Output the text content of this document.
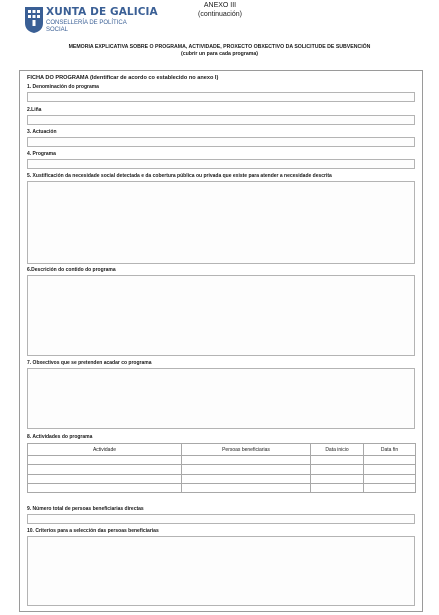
XUNTA DE GALICIA
CONSELLERÍA DE POLÍTICA
SOCIAL
ANEXO III
(continuación)
MEMORIA EXPLICATIVA SOBRE O PROGRAMA, ACTIVIDADE, PROXECTO OBXECTIVO DA SOLICITUDE DE SUBVENCIÓN
(cubrir un para cada programa)
FICHA DO PROGRAMA (Identificar de acordo co establecido no anexo I)
1. Denominación do programa
2.Liña
3. Actuación
4. Programa
5. Xustificación da necesidade social detectada e da cobertura pública ou privada que existe para atender a necesidade descrita
6.Descrición do contido do programa
7. Obxectivos que se pretenden acadar co programa
8. Actividades do programa
Actividade	Persoas beneficiarias	Data inicio	Data fin

9. Número total de persoas beneficiarias directas
10. Criterios para a selección das persoas beneficiarias
